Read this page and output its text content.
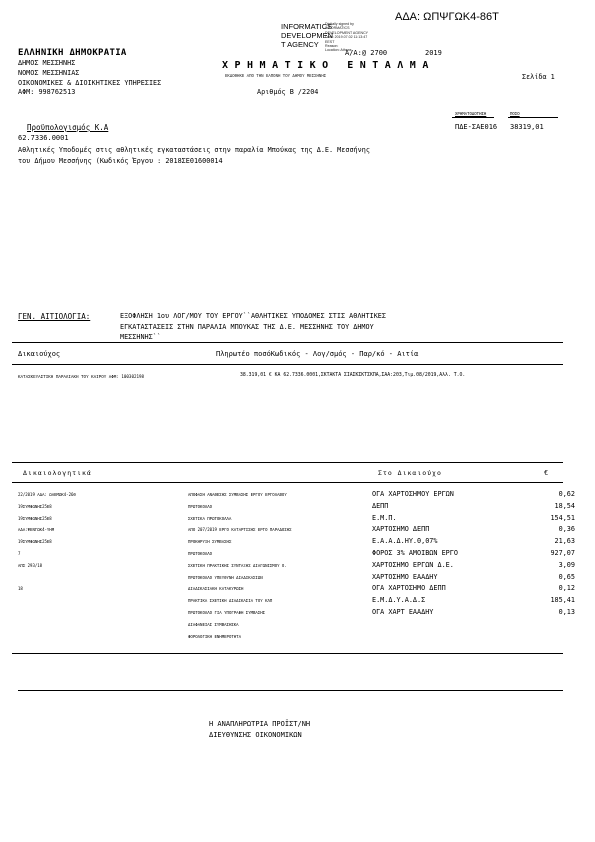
ΑΔΑ: ΩΠΨΓΩΚ4-86Τ
INFORMATICS
DEVELOPMEN
T AGENCY
Digitally signed by
INFORMATICS
DEVELOPMENT AGENCY
Date: 2019.07.02 11:13:47
EEST
Reason:
Location: Athens
Α/Α:@ 2700	2019
ΕΛΛΗΝΙΚΗ ΔΗΜΟΚΡΑΤΙΑ
ΔΗΜΟΣ ΜΕΣΣΗΝΗΣ
ΝΟΜΟΣ ΜΕΣΣΗΝΙΑΣ
ΟΙΚΟΝΟΜΙΚΕΣ & ΔΙΟΙΚΗΤΙΚΕΣ ΥΠΗΡΕΣΙΕΣ
ΑΦΜ: 998762513	Αριθμός Β /2204
ΧΡΗΜΑΤΙΚΟ ΕΝΤΑΛΜΑ
ΕΚΔΟΘΗΚΕ ΑΠΟ ΤΗΝ ΕΑΠΟΝΗ ΤΟΥ ΔΗΜΟΥ ΜΕΣΣΗΝΗΣ	Σελίδα 1
Προϋπολογισμός Κ.Α
62.7336.0001
Αθλητικές Υποδομές στις αθλητικές εγκαταστάσεις στην παραλία Μπούκας της Δ.Ε. Μεσσήνης
του Δήμου Μεσσήνης (Κωδικός Έργου : 2018ΣΕ01600014
ΧΡΗΜΑΤΟΔΟΤΗΣΗ
ΠΔΕ-ΣΑΕ016
ΠΟΣΟ
38319,01
ΓΕΝ. ΑΙΤΙΟΛΟΓΙΑ:	ΕΞΟΦΛΗΣΗ 1ου ΛΟΓ/ΜΟΥ ΤΟΥ ΕΡΓΟΥ``ΑΘΛΗΤΙΚΕΣ ΥΠΟΔΟΜΕΣ ΣΤΙΣ ΑΘΛΗΤΙΚΕΣ
ΕΓΚΑΤΑΣΤΑΣΕΙΣ ΣΤΗΝ ΠΑΡΑΛΙΑ ΜΠΟΥΚΑΣ ΤΗΣ Δ.Ε. ΜΕΣΣΗΝΗΣ ΤΟΥ ΔΗΜΟΥ
ΜΕΣΣΗΝΗΣ``
Δικαιούχος	Πληρωτέο ποσόΚωδικός - Λογ/σμός - Παρ/κό - Αιτία
ΚΑΤΑΣΚΕΥΑΣΤΙΚΗ ΠΑΡΑΛΙΑΚΗ ΤΟΥ ΚΑΙΡΟΥ ΑΦΜ: 100302198	38.319,01 € ΚΑ 62.7336.0001,ΣΚΤΑΚΤΑ ΣΙΑΣΚΣΚΤΣΚΠΑ,ΣΑΑ:203,Τιμ.08/2019,Αλλ. Τ.Ο.
Δικαιολογητικά	Στο Δικαιούχο	€
22/2019 ΑΔΑ: ΩΑΕΜΩΚ4-26Θ	ΑΠΟΦΑΣΗ ΑΝΑΘΕΣΗΣ ΣΥΜΒΑΣΗΣ ΕΡΓΟΥ ΕΡΓΟΛΑΒΟΥ	ΟΓΑ ΧΑΡΤΟΣΗΜΟΥ ΕΡΓΩΝ	0,62
19ΣΥΜΦΩΝΗΣ25Ε8	ΠΡΩΤΟΚΟΛΛΟ	ΔΕΠΠ	18,54
19ΣΥΜΦΩΝΗΣ25Ε8	ΣΧΕΤΙΚΑ ΠΡΩΤΟΚΟΛΛΑ	Ε.Μ.Π.	154,51
ΑΔΑ:ΨΕΝΓΩΚ4-ΥΗΜ	ΑΠΟ 207/2019 ΕΡΓΟ ΚΑΤΑΡΤΙΣΗΣ ΕΡΓΟ ΠΑΡΑΔΟΣΗΣ	ΧΑΡΤΟΣΗΜΟ ΔΕΠΠ	0,36
19ΣΥΜΦΩΝΗΣ25Ε8	ΠΡΟΚΗΡΥΞΗ ΣΥΜΒΑΣΗΣ	Ε.Α.Α.Δ.ΗΥ.0,07%	21,63
7	ΠΡΩΤΟΚΟΛΛΟ	ΦΟΡΟΣ 3% ΑΜΟΙΒΩΝ ΕΡΓΟ	927,07
ΑΠΣ 293/18	ΣΧΕΤΙΚΗ ΠΡΑΚΤΙΚΗΣ ΣΥΝΤΑΞΗΣ ΔΙΑΓΩΝΙΣΜΟΥ Ο.	ΧΑΡΤΟΣΗΜΟ ΕΡΓΩΝ Δ.Ε.	3,09
ΠΡΩΤΟΚΟΛΛΟ ΥΠΕΥΘΥΝΗ ΔΙΑΔΙΚΑΣΙΩΝ	ΧΑΡΤΟΣΗΜΟ ΕΑΑΔΗΥ	0,65
18	ΔΙΑΔΙΚΑΣΙΑΚΗ ΚΑΤΑΚΥΡΩΣΗ	ΟΓΑ ΧΑΡΤΟΣΗΜΟ ΔΕΠΠ	0,12
ΠΡΑΚΤΙΚΑ ΣΧΕΤΙΚΗ ΔΙΑΔΙΚΑΣΙΑ ΤΟΥ ΚΛΠ	Ε.Μ.Δ.Υ.Α.Δ.Σ	185,41
ΠΡΩΤΟΚΟΛΛΟ ΓΙΑ ΥΠΟΓΡΑΦΗ ΣΥΜΒΑΣΗΣ	ΟΓΑ ΧΑΡΤ ΕΑΑΔΗΥ	0,13
ΔΙΑΦΑΝΕΙΑΣ ΣΥΜΒΑΣΗΣΚΑ
ΦΟΡΟΛΟΓΙΚΗ ΕΝΗΜΕΡΟΤΗΤΑ
Η ΑΝΑΠΛΗΡΩΤΡΙΑ ΠΡΟΪΣΤ/ΝΗ
ΔΙΕΥΘΥΝΣΗΣ ΟΙΚΟΝΟΜΙΚΩΝ
